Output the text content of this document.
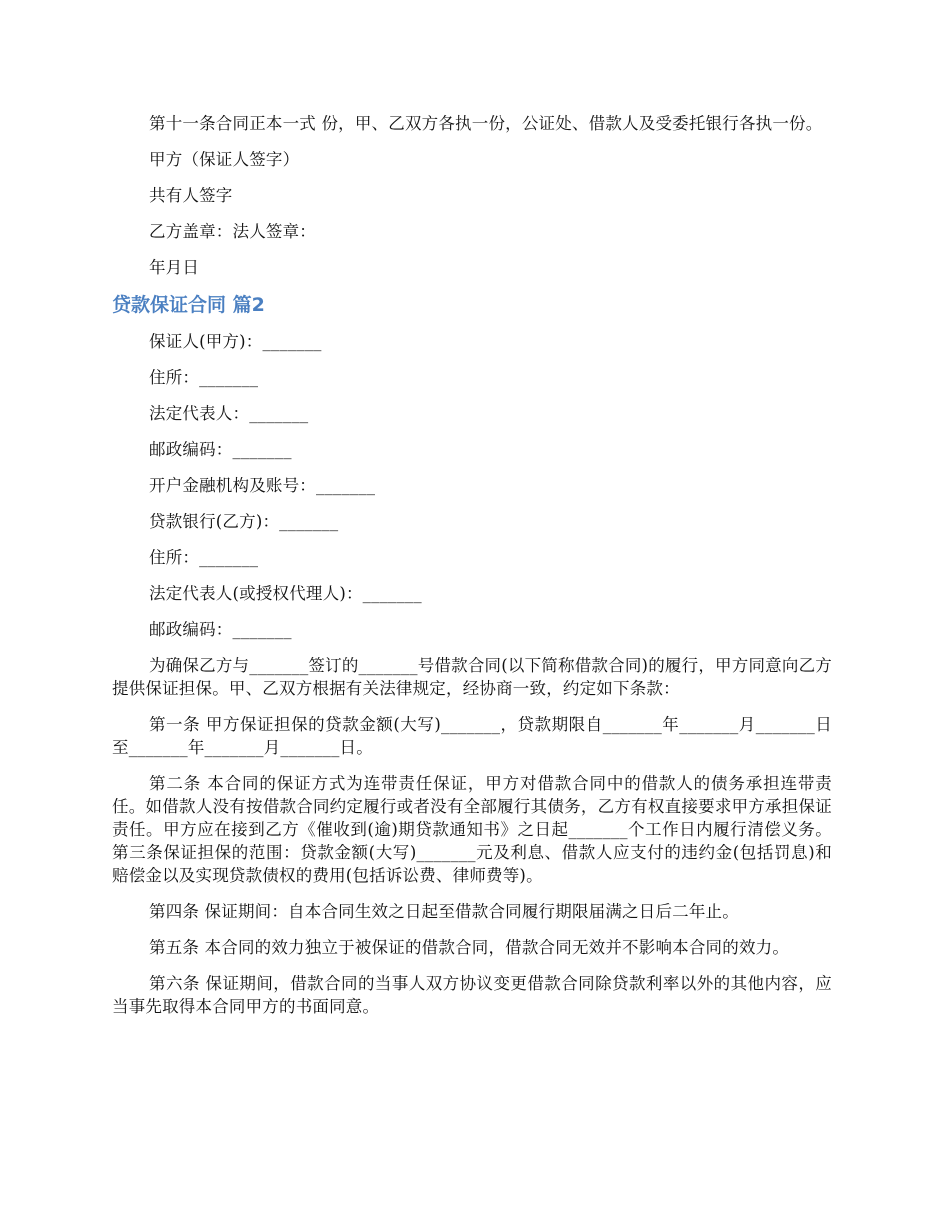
第十一条合同正本一式 份，甲、乙双方各执一份，公证处、借款人及受委托银行各执一份。

甲方（保证人签字）

共有人签字

乙方盖章：法人签章：

年月日

贷款保证合同 篇2

保证人(甲方)：_______

住所：_______

法定代表人：_______

邮政编码：_______

开户金融机构及账号：_______

贷款银行(乙方)：_______

住所：_______

法定代表人(或授权代理人)：_______

邮政编码：_______

为确保乙方与_______签订的_______号借款合同(以下简称借款合同)的履行，甲方同意向乙方提供保证担保。甲、乙双方根据有关法律规定，经协商一致，约定如下条款：

第一条 甲方保证担保的贷款金额(大写)_______，贷款期限自_______年_______月_______日至_______年_______月_______日。

第二条 本合同的保证方式为连带责任保证，甲方对借款合同中的借款人的债务承担连带责任。如借款人没有按借款合同约定履行或者没有全部履行其债务，乙方有权直接要求甲方承担保证责任。甲方应在接到乙方《催收到(逾)期贷款通知书》之日起_______个工作日内履行清偿义务。 第三条保证担保的范围：贷款金额(大写)_______元及利息、借款人应支付的违约金(包括罚息)和赔偿金以及实现贷款债权的费用(包括诉讼费、律师费等)。

第四条 保证期间：自本合同生效之日起至借款合同履行期限届满之日后二年止。

第五条 本合同的效力独立于被保证的借款合同，借款合同无效并不影响本合同的效力。

第六条 保证期间，借款合同的当事人双方协议变更借款合同除贷款利率以外的其他内容，应当事先取得本合同甲方的书面同意。
